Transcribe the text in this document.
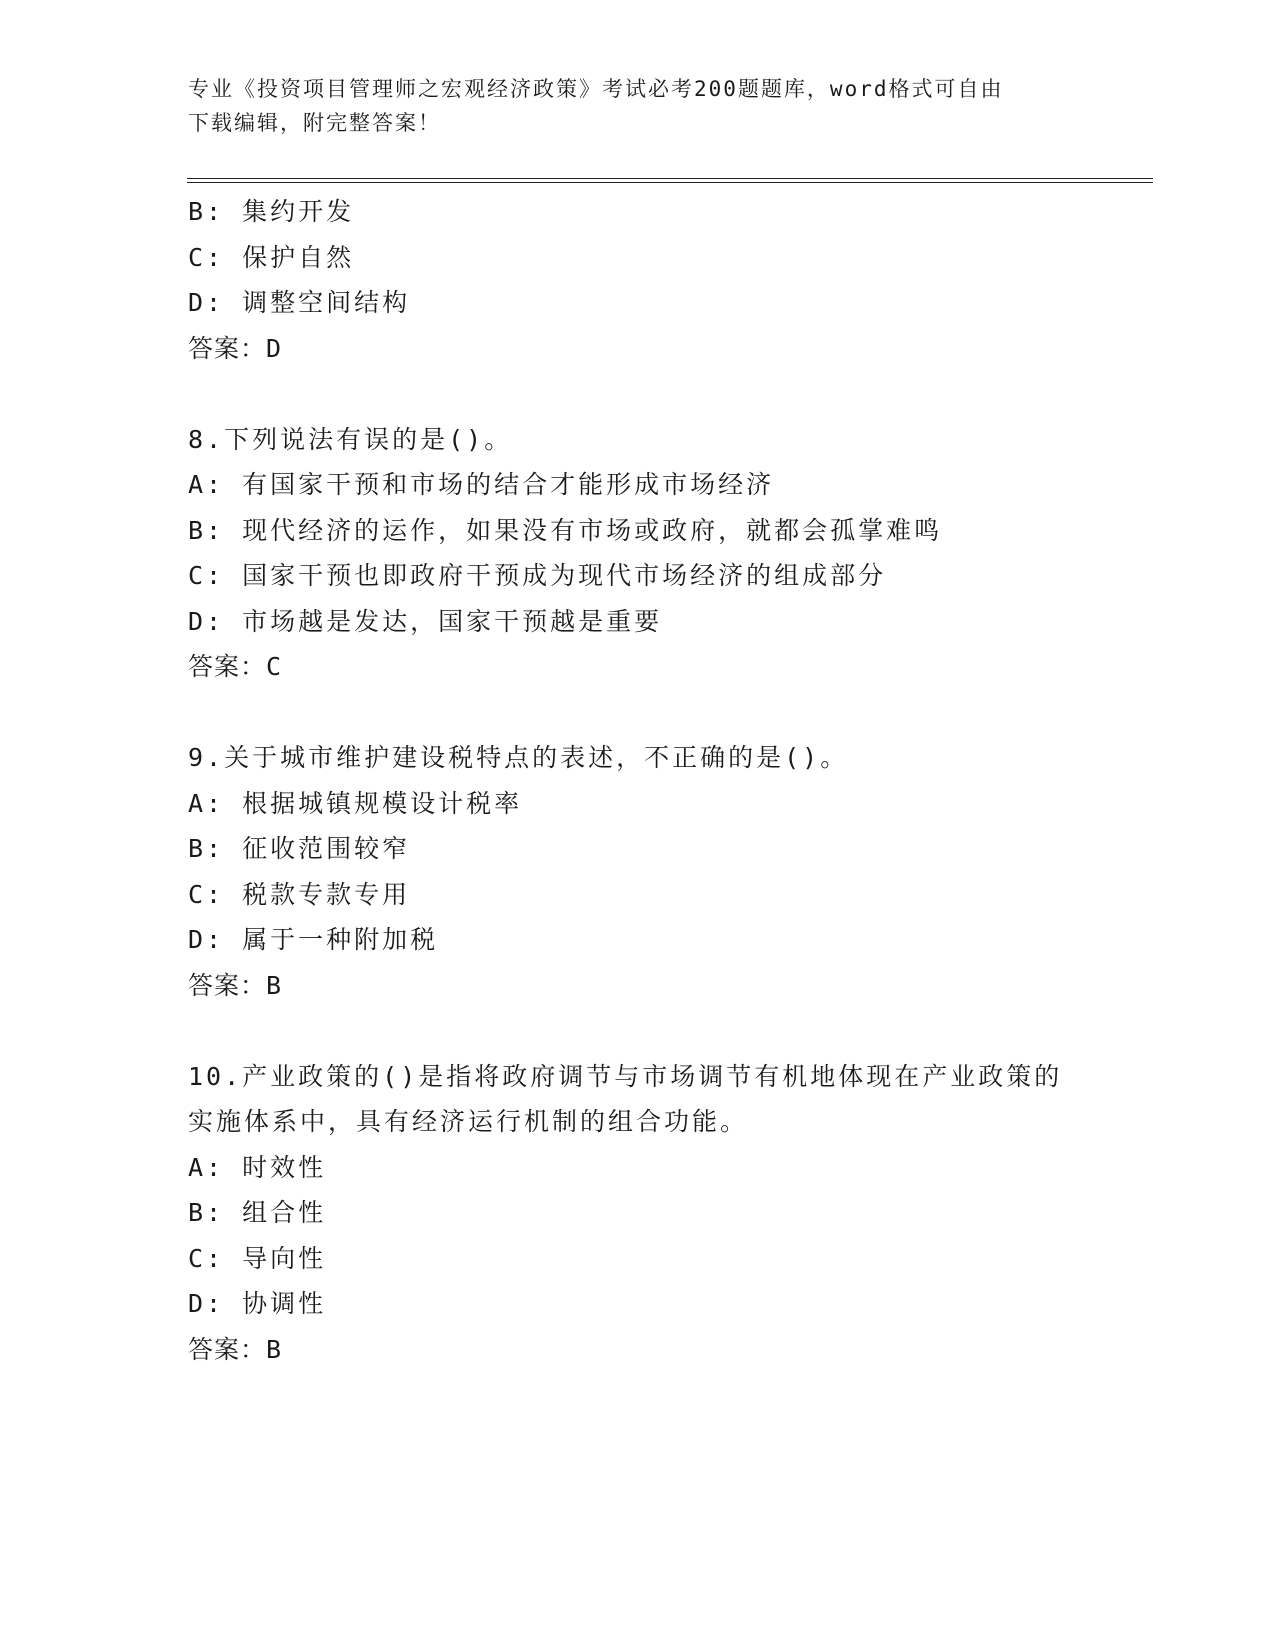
专业《投资项目管理师之宏观经济政策》考试必考200题题库，word格式可自由
下载编辑，附完整答案！
B: 集约开发
C: 保护自然
D: 调整空间结构
答案：D
8.下列说法有误的是()。
A: 有国家干预和市场的结合才能形成市场经济
B: 现代经济的运作，如果没有市场或政府，就都会孤掌难鸣
C: 国家干预也即政府干预成为现代市场经济的组成部分
D: 市场越是发达，国家干预越是重要
答案：C
9.关于城市维护建设税特点的表述，不正确的是()。
A: 根据城镇规模设计税率
B: 征收范围较窄
C: 税款专款专用
D: 属于一种附加税
答案：B
10.产业政策的()是指将政府调节与市场调节有机地体现在产业政策的
实施体系中，具有经济运行机制的组合功能。
A: 时效性
B: 组合性
C: 导向性
D: 协调性
答案：B
